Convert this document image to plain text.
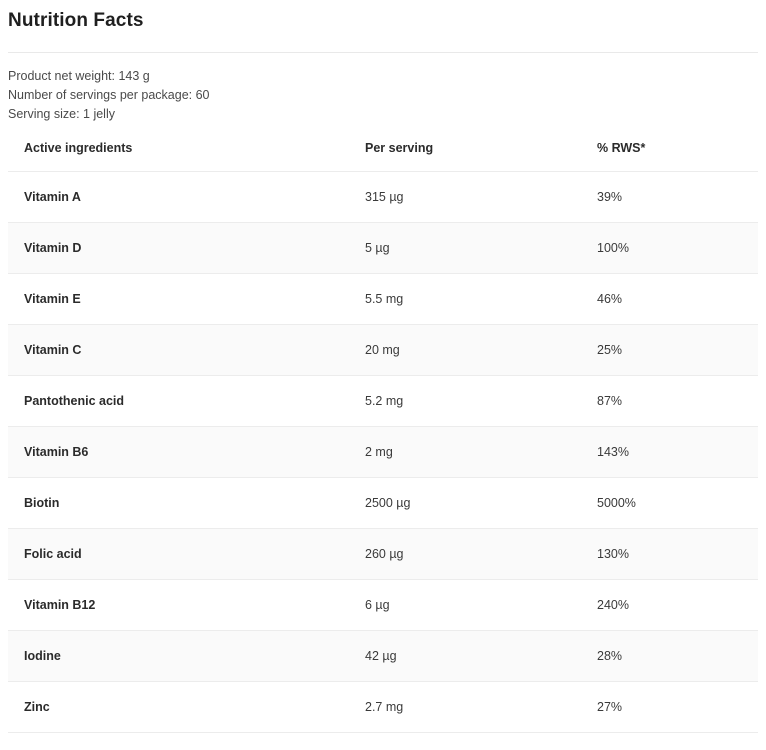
Nutrition Facts
Product net weight: 143 g
Number of servings per package: 60
Serving size: 1 jelly
Active ingredients	Per serving	% RWS*
Vitamin A	315 µg	39%
Vitamin D	5 µg	100%
Vitamin E	5.5 mg	46%
Vitamin C	20 mg	25%
Pantothenic acid	5.2 mg	87%
Vitamin B6	2 mg	143%
Biotin	2500 µg	5000%
Folic acid	260 µg	130%
Vitamin B12	6 µg	240%
Iodine	42 µg	28%
Zinc	2.7 mg	27%
